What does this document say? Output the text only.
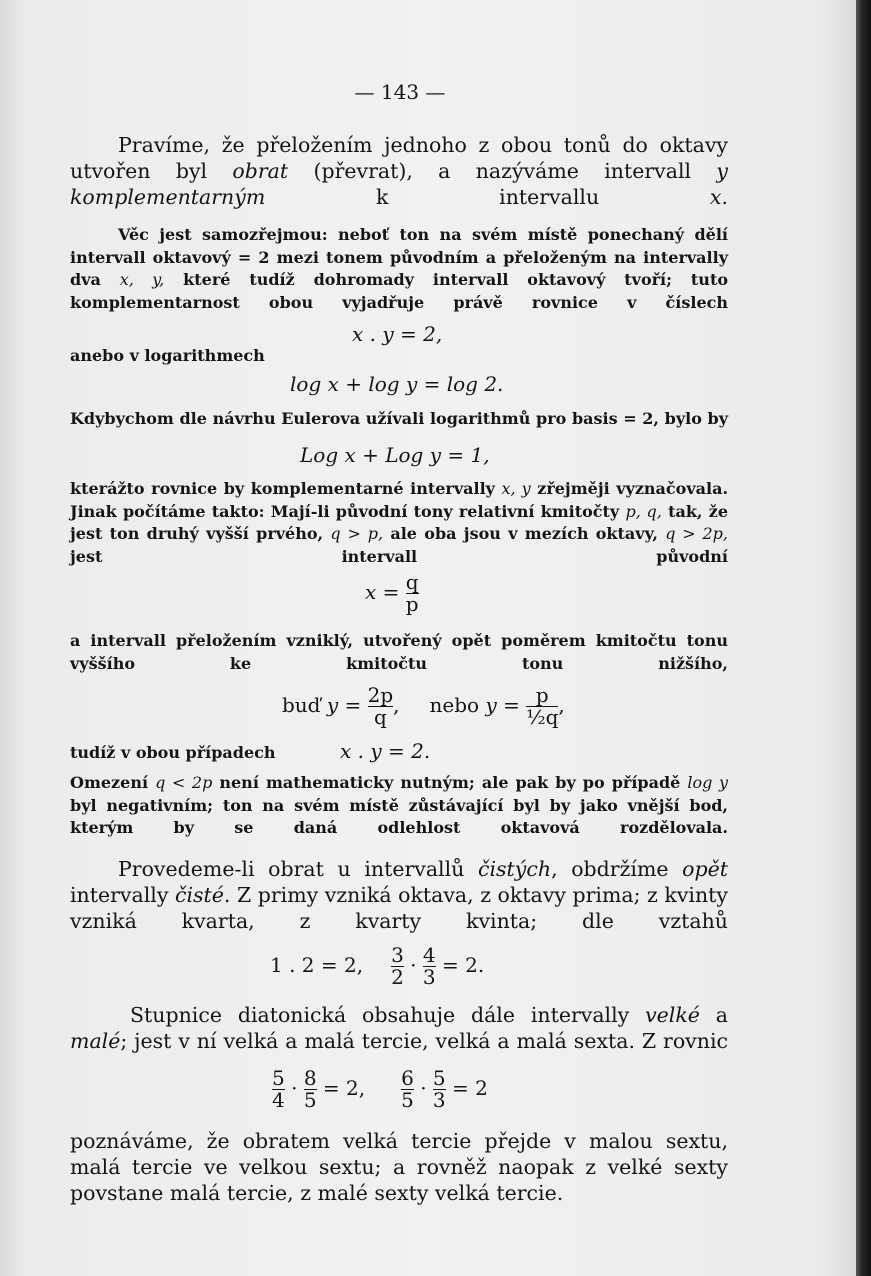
— 143 —
Pravíme, že přeložením jednoho z obou tonů do oktavy utvořen byl obrat (převrat), a nazýváme intervall y komplementarným k intervallu x.
Věc jest samozřejmou: neboť ton na svém místě ponechaný dělí intervall oktavový = 2 mezi tonem původním a přeloženým na intervally dva x, y, které tudíž dohromady intervall oktavový tvoří; tuto komplementarnost obou vyjadřuje právě rovnice v číslech
x . y = 2,
anebo v logarithmech
log x + log y = log 2.
Kdybychom dle návrhu Eulerova užívali logarithmů pro basis = 2, bylo by
Log x + Log y = 1,
kterážto rovnice by komplementarné intervally x, y zřejměji vyznačovala. Jinak počítáme takto: Mají-li původní tony relativní kmitočty p, q, tak, že jest ton druhý vyšší prvého, q > p, ale oba jsou v mezích oktavy, q > 2p, jest intervall původní
$x = \frac{q}{p}$
a intervall přeložením vzniklý, utvořený opět poměrem kmitočtu tonu vyššího ke kmitočtu tonu nižšího,
buď $y = \frac{2p}{q}$ , nebo $y = \frac{p}{\text{½q}}$ ,
tudíž v obou případech	x . y = 2.
Omezení q < 2p není mathematicky nutným; ale pak by po případě log y byl negativním; ton na svém místě zůstávající byl by jako vnější bod, kterým by se daná odlehlost oktavová rozdělovala.
Provedeme-li obrat u intervallů čistých, obdržíme opět intervally čisté. Z primy vzniká oktava, z oktavy prima; z kvinty vzniká kvarta, z kvarty kvinta; dle vztahů
1 . 2 = 2, $\frac{3}{2} \cdot \frac{4}{3} = 2$.
Stupnice diatonická obsahuje dále intervally velké a malé; jest v ní velká a malá tercie, velká a malá sexta. Z rovnic
$\frac{5}{4} \cdot \frac{8}{5} = 2$, $\frac{6}{5} \cdot \frac{5}{3} = 2$
poznáváme, že obratem velká tercie přejde v malou sextu, malá tercie ve velkou sextu; a rovněž naopak z velké sexty povstane malá tercie, z malé sexty velká tercie.
